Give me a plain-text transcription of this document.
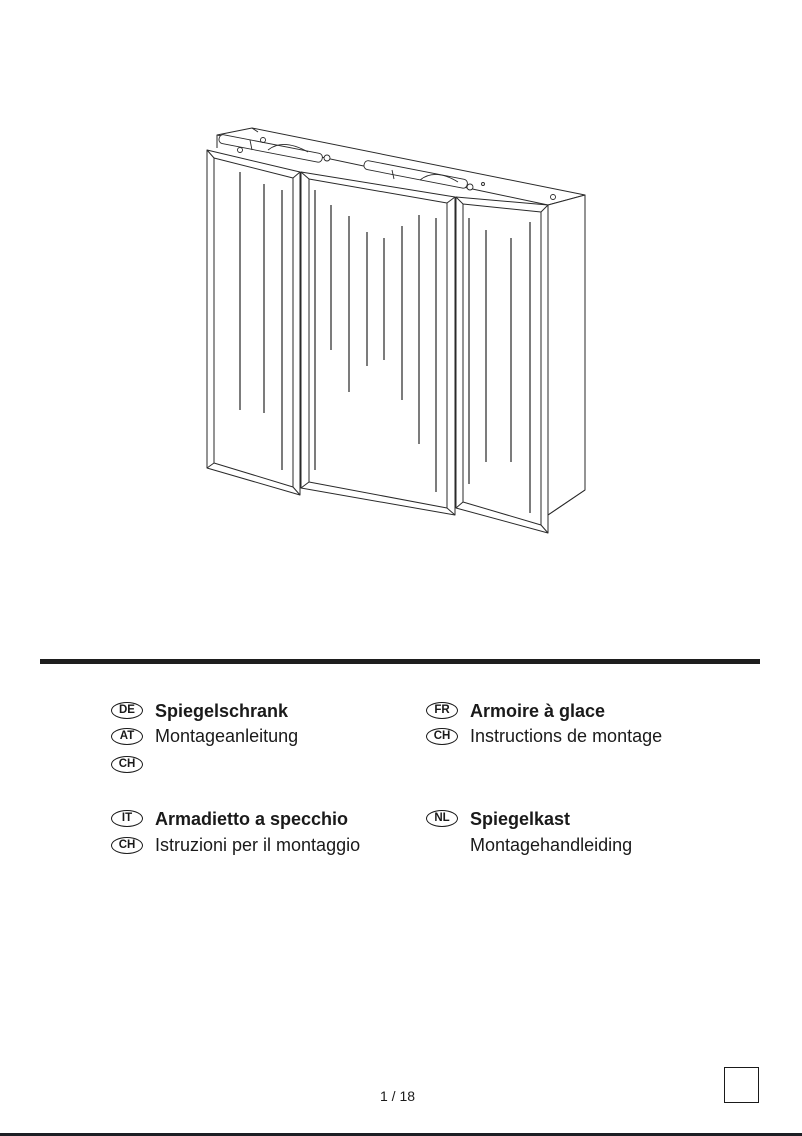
DE	Spiegelschrank
AT	Montageanleitung
CH
FR	Armoire à glace
CH	Instructions de montage
IT	Armadietto a specchio
CH	Istruzioni per il montaggio
NL	Spiegelkast
Montagehandleiding
1 / 18
